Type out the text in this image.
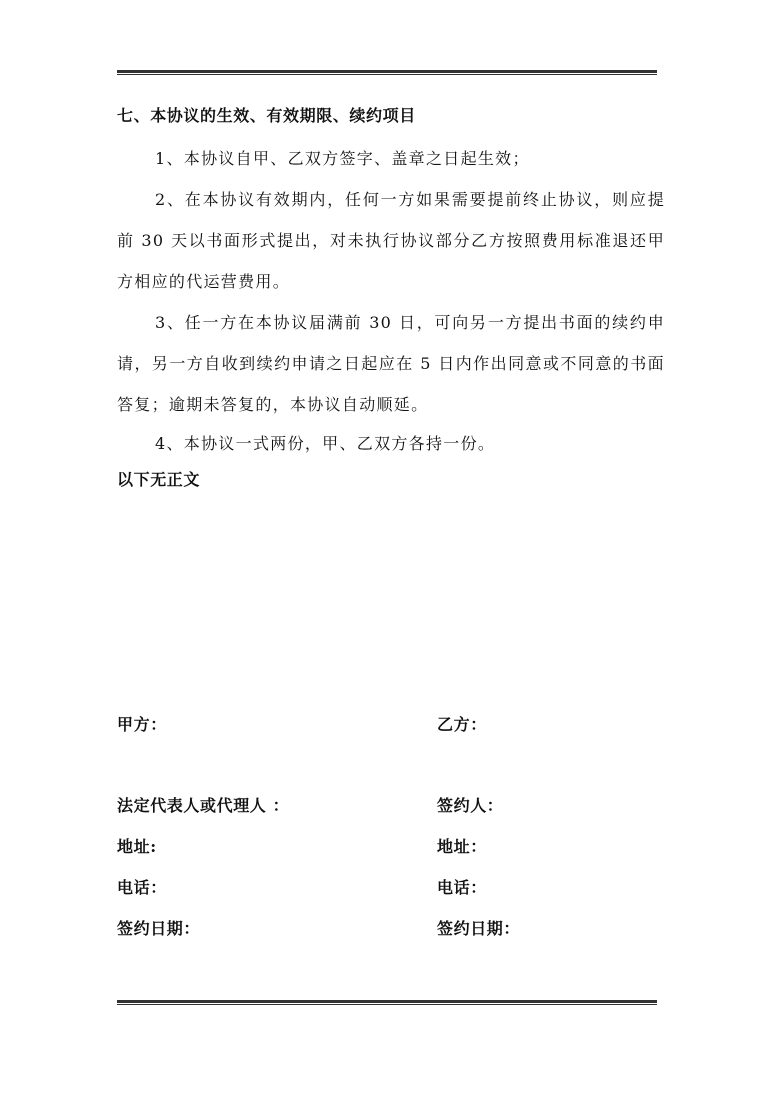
七、本协议的生效、有效期限、续约项目
1、本协议自甲、乙双方签字、盖章之日起生效；
2、在本协议有效期内，任何一方如果需要提前终止协议，则应提前 30 天以书面形式提出，对未执行协议部分乙方按照费用标准退还甲方相应的代运营费用。
3、任一方在本协议届满前 30 日，可向另一方提出书面的续约申请，另一方自收到续约申请之日起应在 5 日内作出同意或不同意的书面答复；逾期未答复的，本协议自动顺延。
4、本协议一式两份，甲、乙双方各持一份。
以下无正文
甲方：	乙方：
法定代表人或代理人 ：	签约人：
地址:	地址：
电话：	电话：
签约日期：	签约日期：
